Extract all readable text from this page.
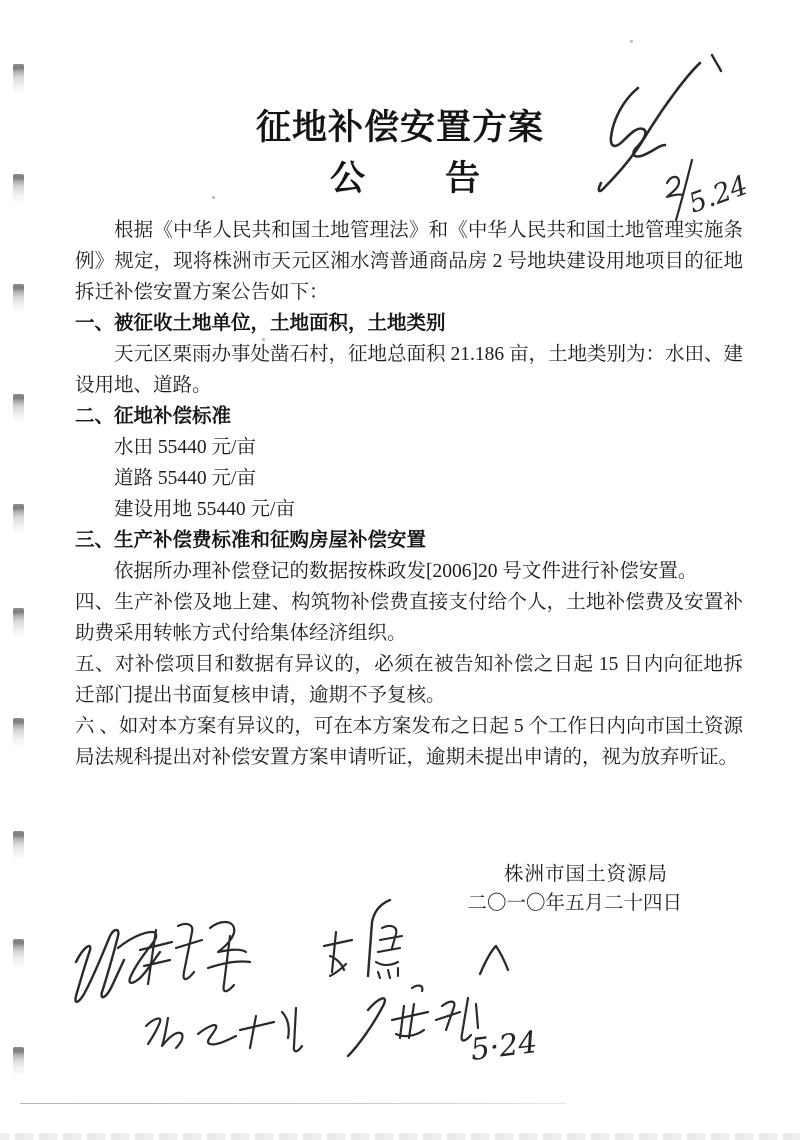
5.24
征地补偿安置方案
公告

根据《中华人民共和国土地管理法》和《中华人民共和国土地管理实施条例》规定，现将株洲市天元区湘水湾普通商品房 2 号地块建设用地项目的征地拆迁补偿安置方案公告如下：

一、被征收土地单位，土地面积，土地类别

天元区栗雨办事处凿石村，征地总面积 21.186 亩，土地类别为：水田、建设用地、道路。

二、征地补偿标准

水田 55440 元/亩

道路 55440 元/亩

建设用地 55440 元/亩

三、生产补偿费标准和征购房屋补偿安置

依据所办理补偿登记的数据按株政发[2006]20 号文件进行补偿安置。

四、生产补偿及地上建、构筑物补偿费直接支付给个人，土地补偿费及安置补助费采用转帐方式付给集体经济组织。

五、对补偿项目和数据有异议的，必须在被告知补偿之日起 15 日内向征地拆迁部门提出书面复核申请，逾期不予复核。

六 、如对本方案有异议的，可在本方案发布之日起 5 个工作日内向市国土资源局法规科提出对补偿安置方案申请听证，逾期未提出申请的，视为放弃听证。

株洲市国土资源局
二〇一〇年五月二十四日
5·24
